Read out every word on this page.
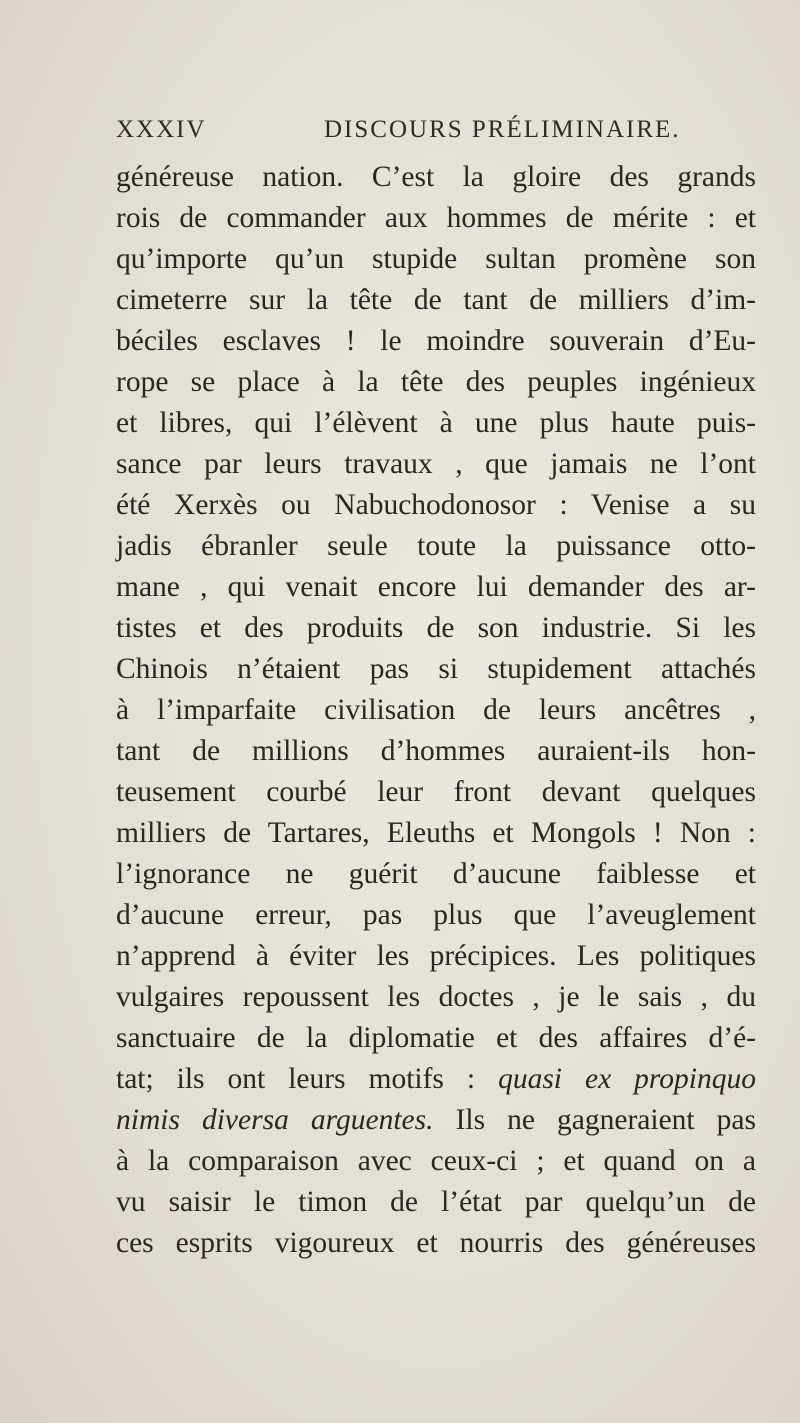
XXXIV	DISCOURS PRÉLIMINAIRE.
généreuse nation. C’est la gloire des grands
rois de commander aux hommes de mérite : et
qu’importe qu’un stupide sultan promène son
cimeterre sur la tête de tant de milliers d’im-
béciles esclaves ! le moindre souverain d’Eu-
rope se place à la tête des peuples ingénieux
et libres, qui l’élèvent à une plus haute puis-
sance par leurs travaux , que jamais ne l’ont
été Xerxès ou Nabuchodonosor : Venise a su
jadis ébranler seule toute la puissance otto-
mane , qui venait encore lui demander des ar-
tistes et des produits de son industrie. Si les
Chinois n’étaient pas si stupidement attachés
à l’imparfaite civilisation de leurs ancêtres ,
tant de millions d’hommes auraient-ils hon-
teusement courbé leur front devant quelques
milliers de Tartares, Eleuths et Mongols ! Non :
l’ignorance ne guérit d’aucune faiblesse et
d’aucune erreur, pas plus que l’aveuglement
n’apprend à éviter les précipices. Les politiques
vulgaires repoussent les doctes , je le sais , du
sanctuaire de la diplomatie et des affaires d’é-
tat; ils ont leurs motifs : quasi ex propinquo
nimis diversa arguentes. Ils ne gagneraient pas
à la comparaison avec ceux-ci ; et quand on a
vu saisir le timon de l’état par quelqu’un de
ces esprits vigoureux et nourris des généreuses
